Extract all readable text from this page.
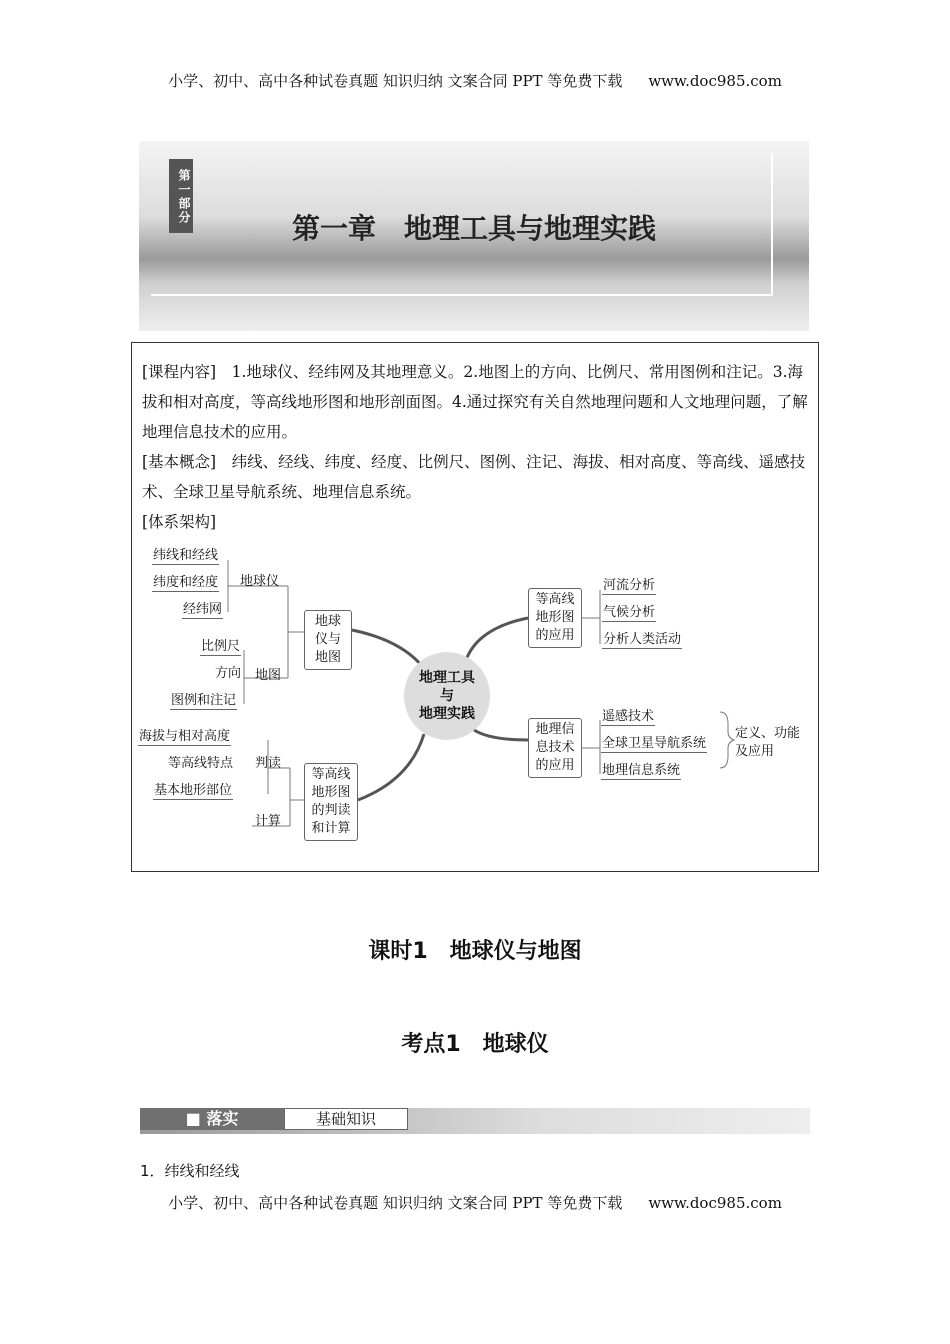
小学、初中、高中各种试卷真题 知识归纳 文案合同 PPT 等免费下载 www.doc985.com
第一部分
第一章　地理工具与地理实践
[课程内容]　 1.地球仪、经纬网及其地理意义。2.地图上的方向、比例尺、常用图例和注记。3.海拔和相对高度，等高线地形图和地形剖面图。4.通过探究有关自然地理问题和人文地理问题，了解地理信息技术的应用。
[基本概念]　 纬线、经线、纬度、经度、比例尺、图例、注记、海拔、相对高度、等高线、遥感技术、全球卫星导航系统、地理信息系统。
[体系架构]
纬线和经线
纬度和经度
经纬网
地球仪
比例尺
方向 地图
图例和注记
地球仪与地图
海拔与相对高度
等高线特点 判读
基本地形部位
计算
等高线地形图的判读和计算
地理工具
与
地理实践
等高线地形图的应用
河流分析
气候分析
分析人类活动
地理信息技术的应用
遥感技术
全球卫星导航系统
地理信息系统
定义、功能及应用
课时1　地球仪与地图
考点1　地球仪
■ 落实	基础知识
1．纬线和经线
小学、初中、高中各种试卷真题 知识归纳 文案合同 PPT 等免费下载 www.doc985.com
